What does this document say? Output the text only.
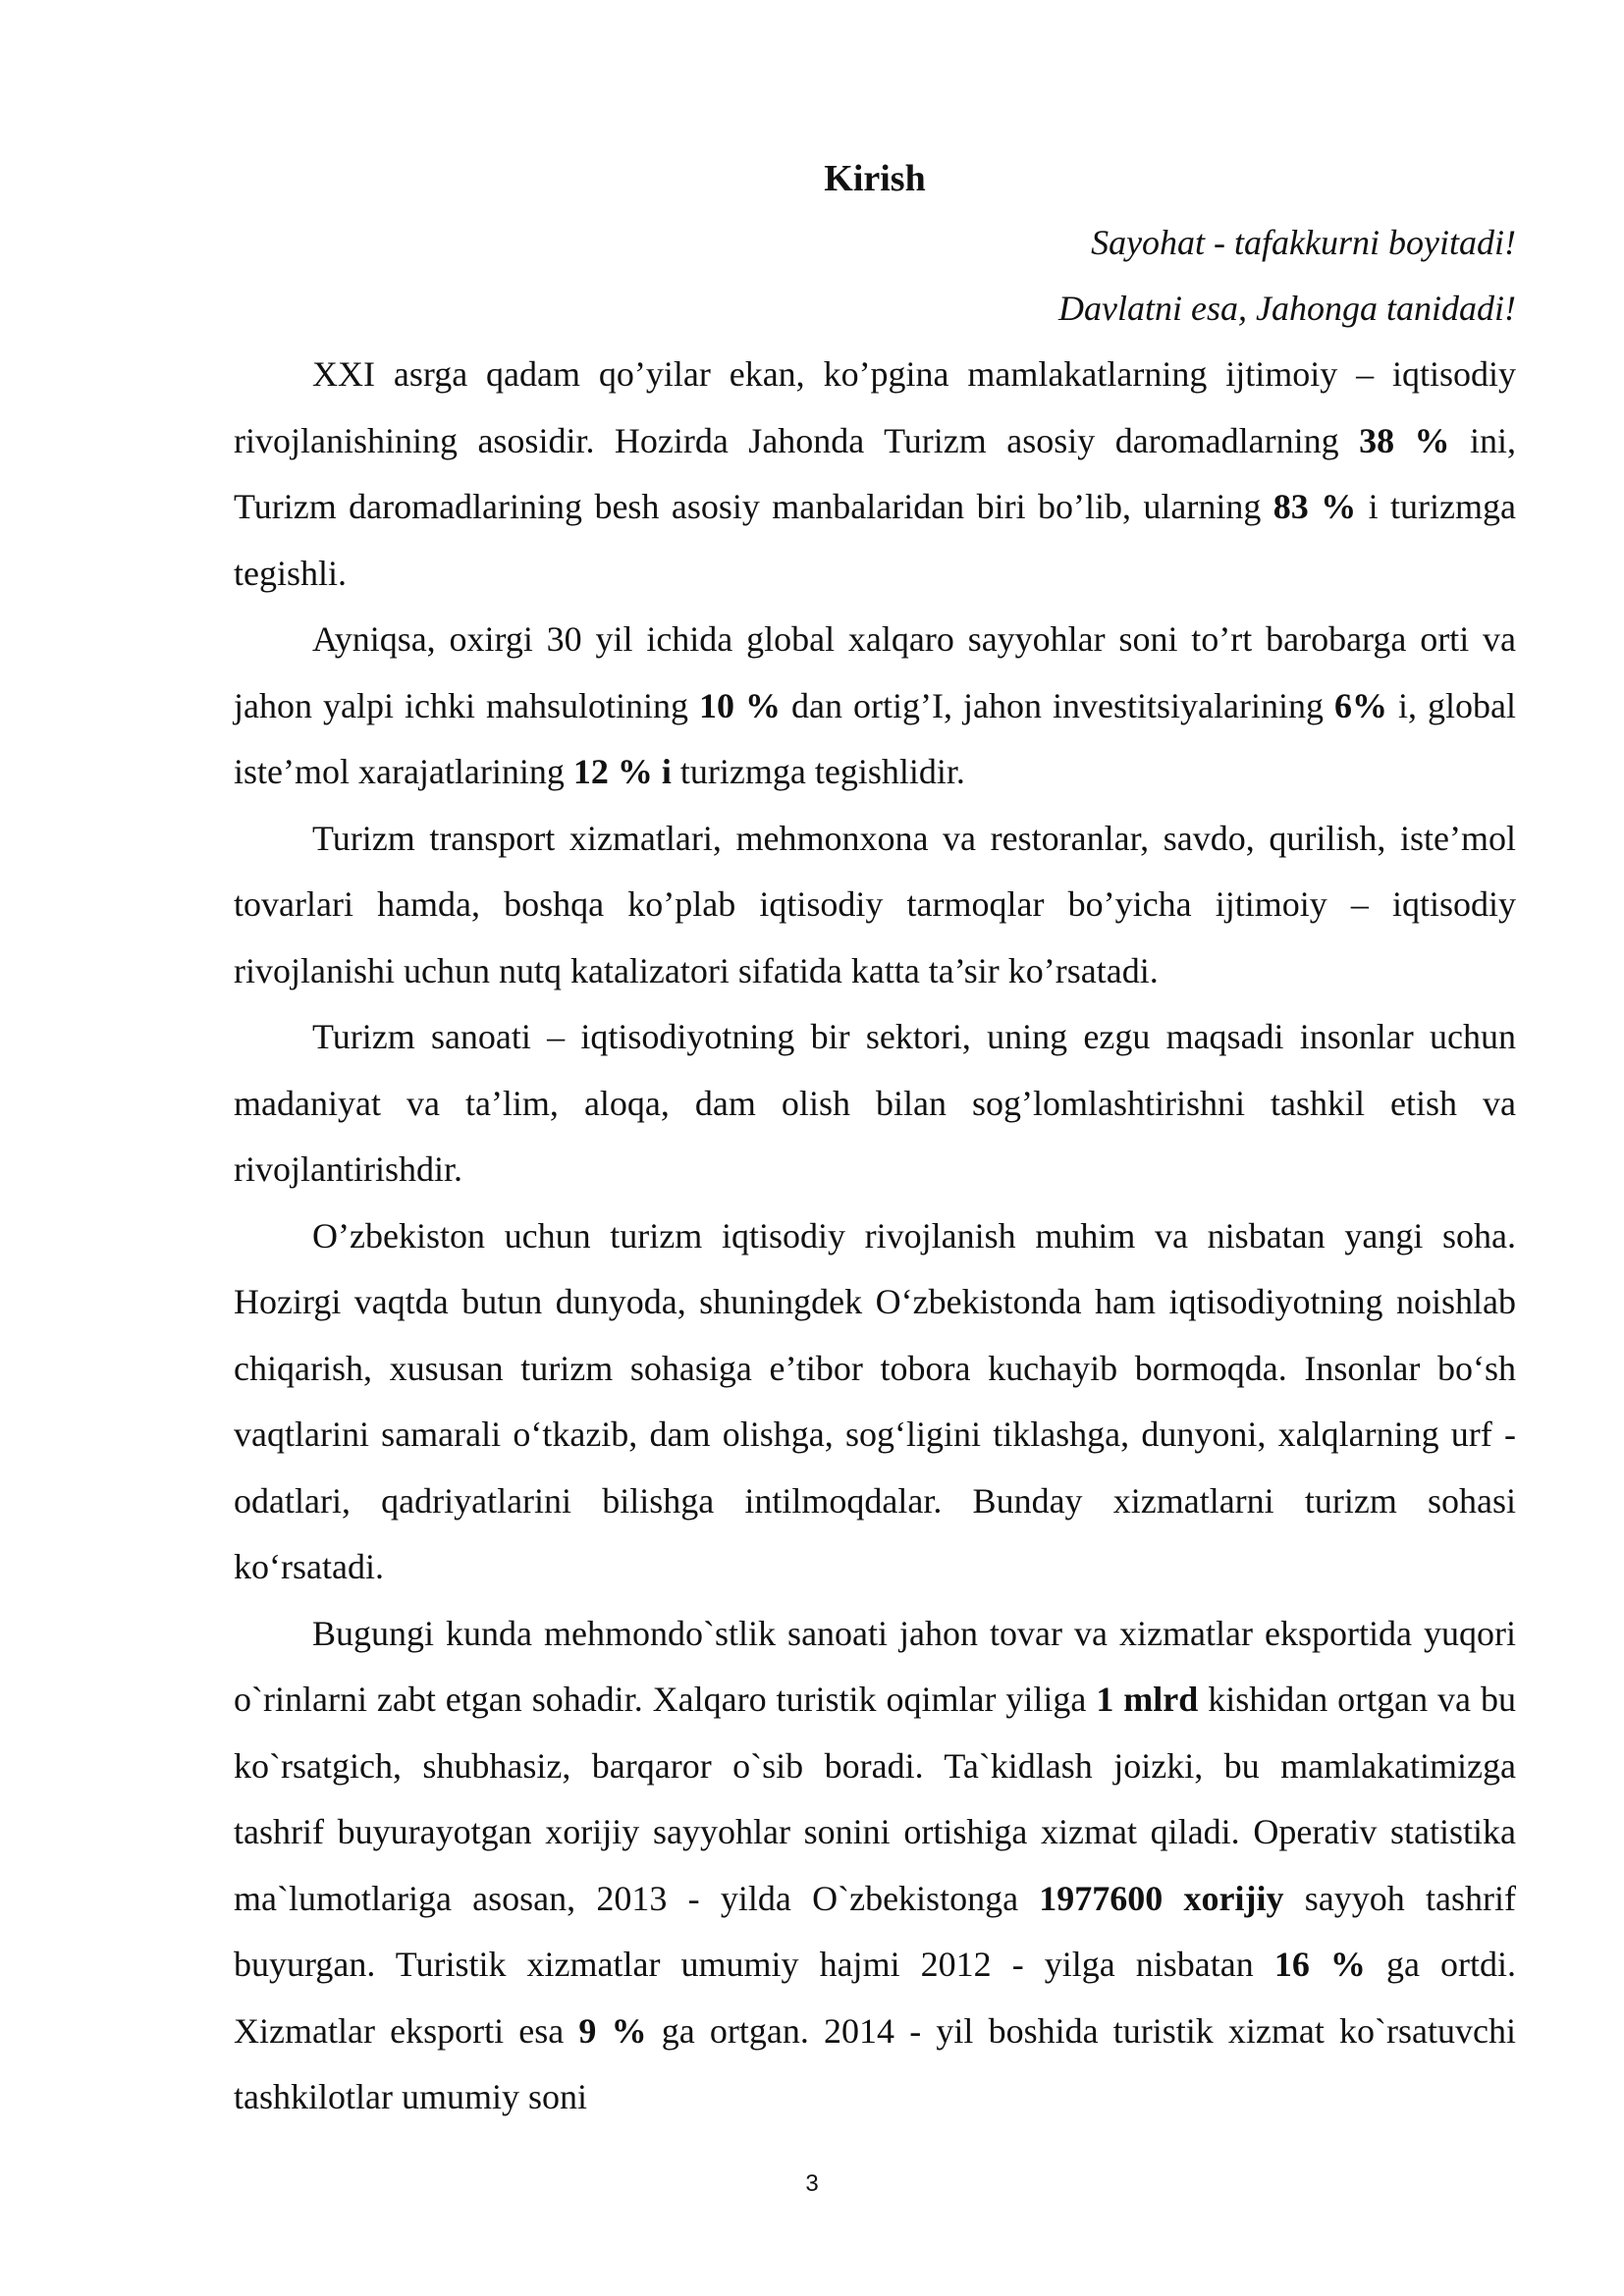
Kirish

Sayohat - tafakkurni boyitadi!

Davlatni esa, Jahonga tanidadi!

XXI asrga qadam qo’yilar ekan, ko’pgina mamlakatlarning ijtimoiy – iqtisodiy rivojlanishining asosidir. Hozirda Jahonda Turizm asosiy daromadlarning 38 % ini, Turizm daromadlarining besh asosiy manbalaridan biri bo’lib, ularning 83 % i turizmga tegishli.

Ayniqsa, oxirgi 30 yil ichida global xalqaro sayyohlar soni to’rt barobarga orti va jahon yalpi ichki mahsulotining 10 % dan ortig’I, jahon investitsiyalarining 6% i, global iste’mol xarajatlarining 12 % i turizmga tegishlidir.

Turizm transport xizmatlari, mehmonxona va restoranlar, savdo, qurilish, iste’mol tovarlari hamda, boshqa ko’plab iqtisodiy tarmoqlar bo’yicha ijtimoiy – iqtisodiy rivojlanishi uchun nutq katalizatori sifatida katta ta’sir ko’rsatadi.

Turizm sanoati – iqtisodiyotning bir sektori, uning ezgu maqsadi insonlar uchun madaniyat va ta’lim, aloqa, dam olish bilan sog’lomlashtirishni tashkil etish va rivojlantirishdir.

O’zbekiston uchun turizm iqtisodiy rivojlanish muhim va nisbatan yangi soha. Hozirgi vaqtda butun dunyoda, shuningdek O‘zbekistonda ham iqtisodiyotning noishlab chiqarish, xususan turizm sohasiga e’tibor tobora kuchayib bormoqda. Insonlar bo‘sh vaqtlarini samarali o‘tkazib, dam olishga, sog‘ligini tiklashga, dunyoni, xalqlarning urf - odatlari, qadriyatlarini bilishga intilmoqdalar. Bunday xizmatlarni turizm sohasi ko‘rsatadi.

Bugungi kunda mehmondo`stlik sanoati jahon tovar va xizmatlar eksportida yuqori o`rinlarni zabt etgan sohadir. Xalqaro turistik oqimlar yiliga 1 mlrd kishidan ortgan va bu ko`rsatgich, shubhasiz, barqaror o`sib boradi. Ta`kidlash joizki, bu mamlakatimizga tashrif buyurayotgan xorijiy sayyohlar sonini ortishiga xizmat qiladi. Operativ statistika ma`lumotlariga asosan, 2013 - yilda O`zbekistonga 1977600 xorijiy sayyoh tashrif buyurgan. Turistik xizmatlar umumiy hajmi 2012 - yilga nisbatan 16 % ga ortdi. Xizmatlar eksporti esa 9 % ga ortgan. 2014 - yil boshida turistik xizmat ko`rsatuvchi tashkilotlar umumiy soni

3
